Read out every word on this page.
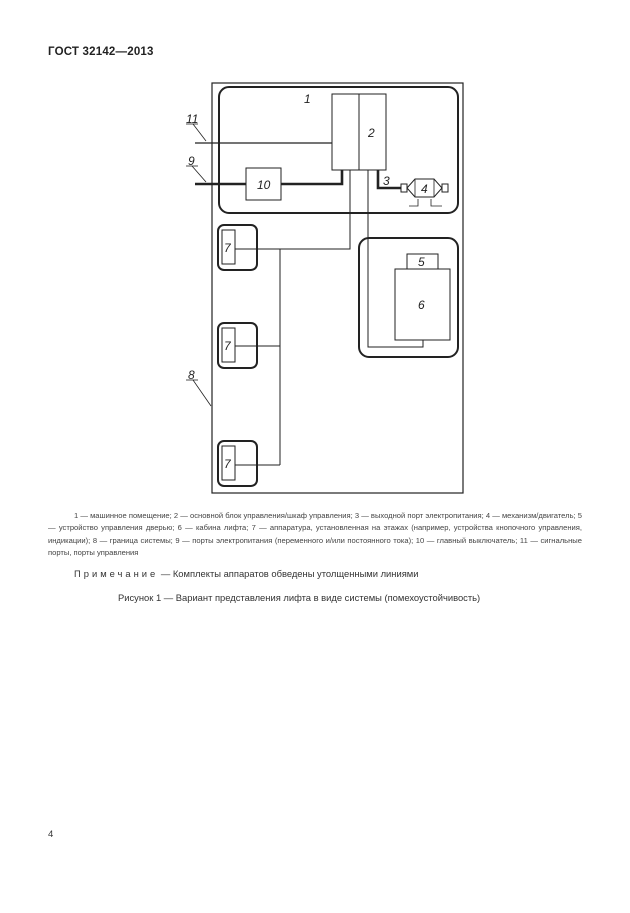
ГОСТ 32142—2013
1
2
3
4
5
6
7
7
7
8
9
11
10
1 — машинное помещение; 2 — основной блок управления/шкаф управления; 3 — выходной порт электропитания; 4 — механизм/двигатель; 5 — устройство управления дверью; 6 — кабина лифта; 7 — аппаратура, установленная на этажах (например, устройства кнопочного управления, индикации); 8 — граница системы; 9 — порты электропитания (переменного и/или постоянного тока); 10 — главный выключатель; 11 — сигнальные порты, порты управления
Примечание — Комплекты аппаратов обведены утолщенными линиями
Рисунок 1 — Вариант представления лифта в виде системы (помехоустойчивость)
4
